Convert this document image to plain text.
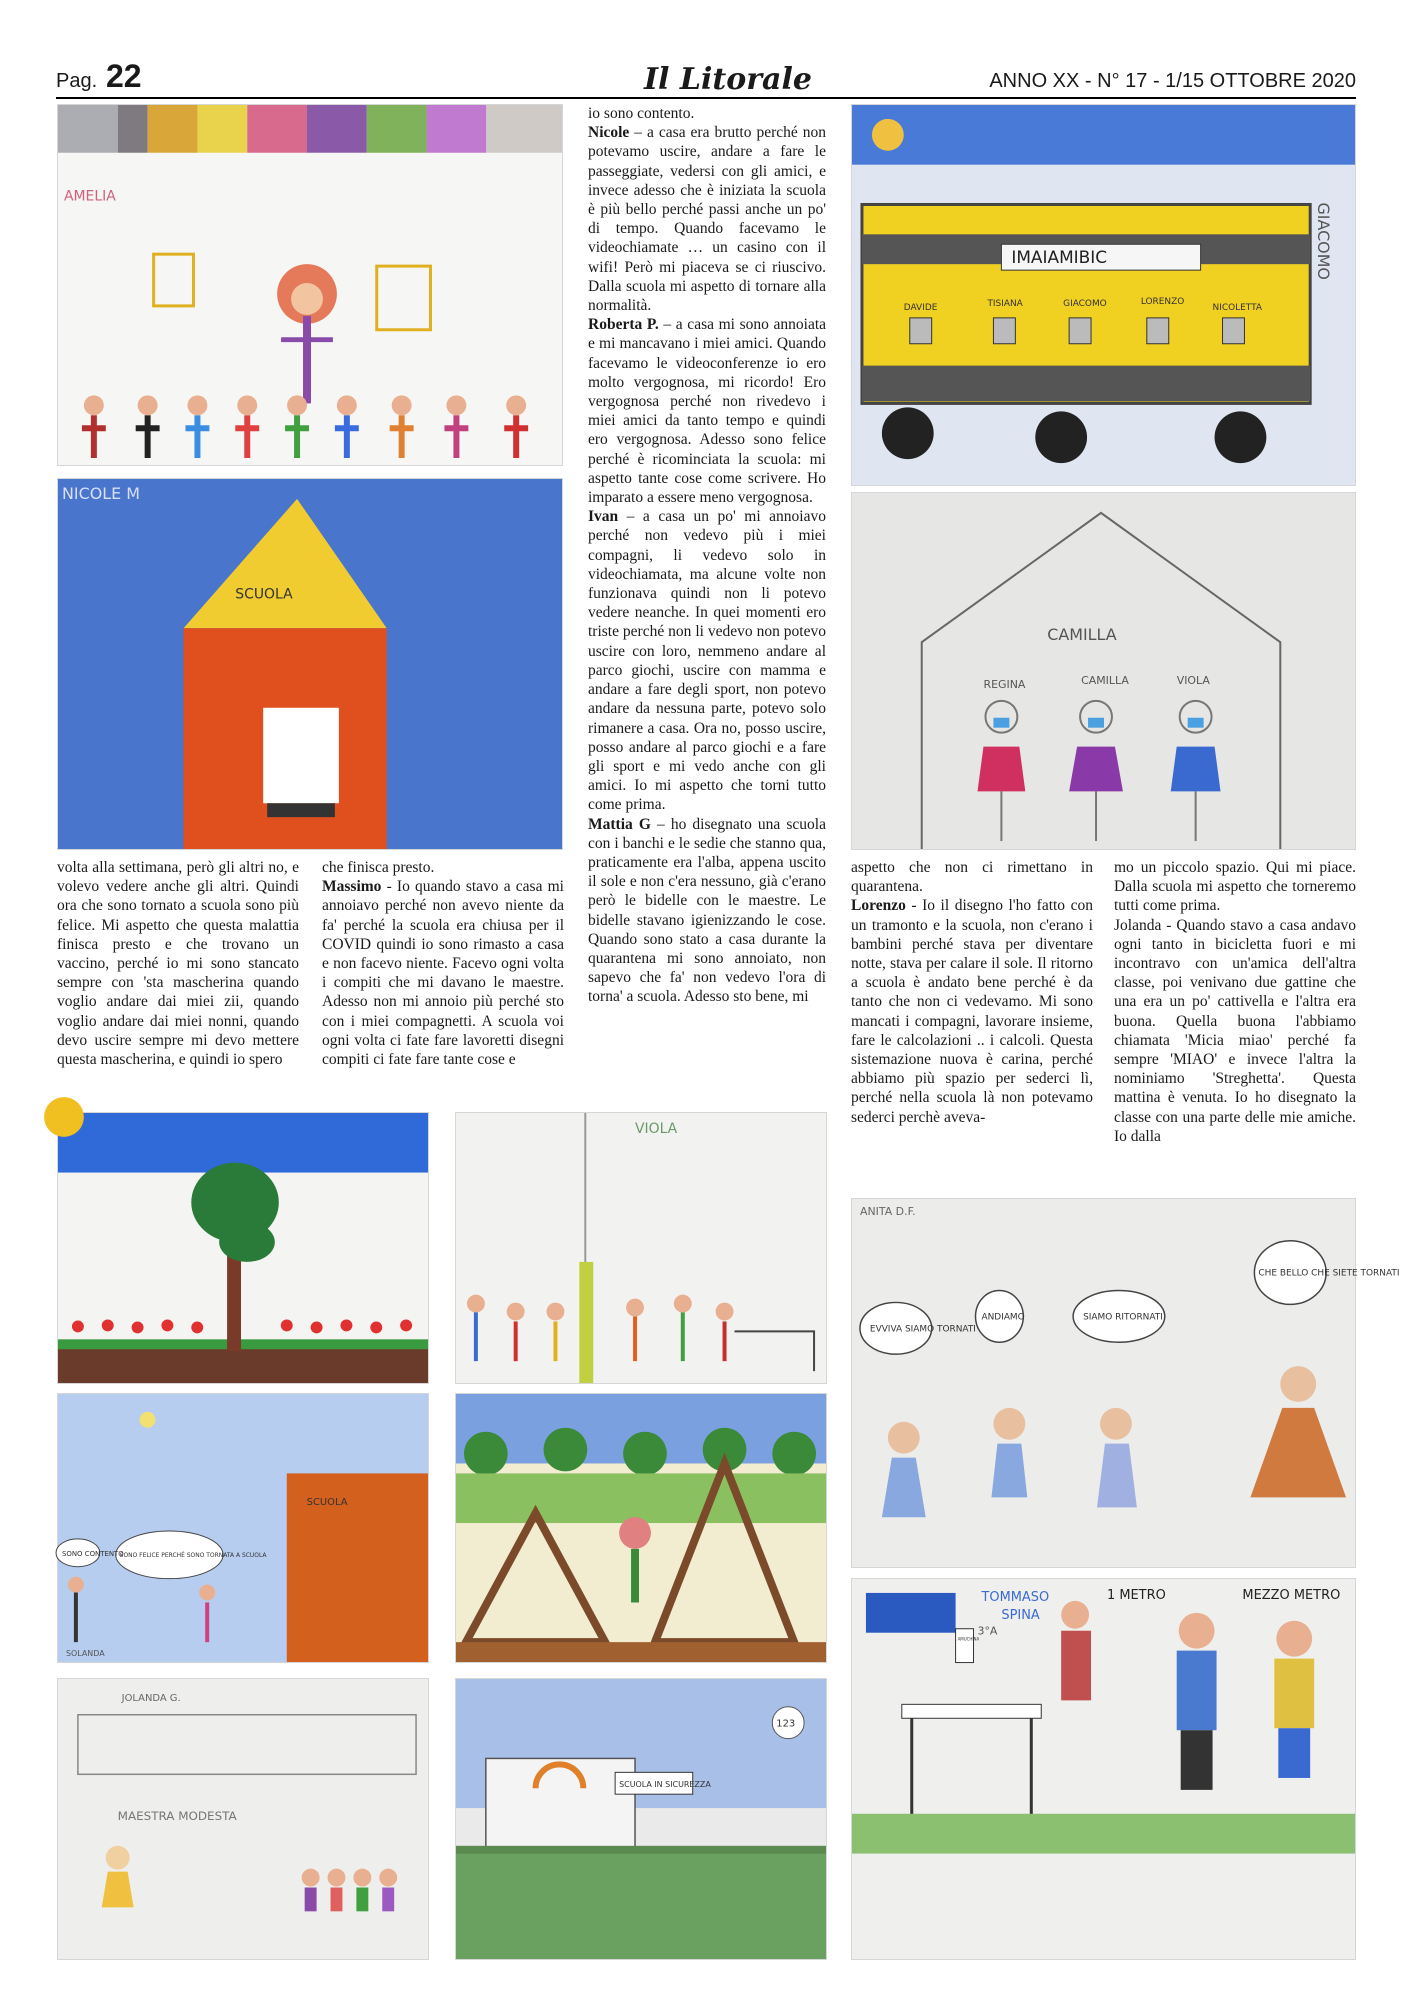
Pag. 22	Il Litorale	ANNO XX - N° 17 - 1/15 OTTOBRE 2020
AMELIA
NICOLE M
SCUOLA
IMAIAMIBIC	GIACOMO
DAVIDE	TISIANA	GIACOMO	LORENZO
NICOLETTA
CAMILLA
REGINA	CAMILLA	VIOLA

io sono contento.

Nicole – a casa era brutto perché non potevamo uscire, andare a fare le passeggiate, vedersi con gli amici, e invece adesso che è iniziata la scuola è più bello perché passi anche un po' di tempo. Quando facevamo le videochiamate … un casino con il wifi! Però mi piaceva se ci riuscivo. Dalla scuola mi aspetto di tornare alla normalità.

Roberta P. – a casa mi sono annoiata e mi mancavano i miei amici. Quando facevamo le videoconferenze io ero molto vergognosa, mi ricordo! Ero vergognosa perché non rivedevo i miei amici da tanto tempo e quindi ero vergognosa. Adesso sono felice perché è ricominciata la scuola: mi aspetto tante cose come scrivere. Ho imparato a essere meno vergognosa.

Ivan – a casa un po' mi annoiavo perché non vedevo più i miei compagni, li vedevo solo in videochiamata, ma alcune volte non funzionava quindi non li potevo vedere neanche. In quei momenti ero triste perché non li vedevo non potevo uscire con loro, nemmeno andare al parco giochi, uscire con mamma e andare a fare degli sport, non potevo andare da nessuna parte, potevo solo rimanere a casa. Ora no, posso uscire, posso andare al parco giochi e a fare gli sport e mi vedo anche con gli amici. Io mi aspetto che torni tutto come prima.

Mattia G – ho disegnato una scuola con i banchi e le sedie che stanno qua, praticamente era l'alba, appena uscito il sole e non c'era nessuno, già c'erano però le bidelle con le maestre. Le bidelle stavano igienizzando le cose. Quando sono stato a casa durante la quarantena mi sono annoiato, non sapevo che fa' non vedevo l'ora di torna' a scuola. Adesso sto bene, mi

volta alla settimana, però gli altri no, e volevo vedere anche gli altri. Quindi ora che sono tornato a scuola sono più felice. Mi aspetto che questa malattia finisca presto e che trovano un vaccino, perché io mi sono stancato sempre con 'sta mascherina quando voglio andare dai miei zii, quando voglio andare dai miei nonni, quando devo uscire sempre mi devo mettere questa mascherina, e quindi io spero

che finisca presto.

Massimo - Io quando stavo a casa mi annoiavo perché non avevo niente da fa' perché la scuola era chiusa per il COVID quindi io sono rimasto a casa e non facevo niente. Facevo ogni volta i compiti che mi davano le maestre. Adesso non mi annoio più perché sto con i miei compagnetti. A scuola voi ogni volta ci fate fare lavoretti disegni compiti ci fate fare tante cose e

aspetto che non ci rimettano in quarantena.

Lorenzo - Io il disegno l'ho fatto con un tramonto e la scuola, non c'erano i bambini perché stava per diventare notte, stava per calare il sole. Il ritorno a scuola è andato bene perché è da tanto che non ci vedevamo. Mi sono mancati i compagni, lavorare insieme, fare le calcolazioni .. i calcoli. Questa sistemazione nuova è carina, perché abbiamo più spazio per sederci lì, perché nella scuola là non potevamo sederci perchè aveva-

mo un piccolo spazio. Qui mi piace. Dalla scuola mi aspetto che torneremo tutti come prima.

Jolanda - Quando stavo a casa andavo ogni tanto in bicicletta fuori e mi incontravo con un'amica dell'altra classe, poi venivano due gattine che una era un po' cattivella e l'altra era buona. Quella buona l'abbiamo chiamata 'Micia miao' perché fa sempre 'MIAO' e invece l'altra la nominiamo 'Streghetta'. Questa mattina è venuta. Io ho disegnato la classe con una parte delle mie amiche. Io dalla

VIOLA
ANITA D.F.
EVVIVA SIAMO TORNATI
ANDIAMO	SIAMO RITORNATI
CHE BELLO CHE SIETE TORNATI
SCUOLA
SONO CONTENTO
SONO FELICE PERCHÉ SONO TORNATA A SCUOLA
SOLANDA
JOLANDA G.
MAESTRA MODESTA
SCUOLA IN SICUREZZA
123
TOMMASO
SPINA
3°A
1 METRO	MEZZO METRO
AMUCHINA
